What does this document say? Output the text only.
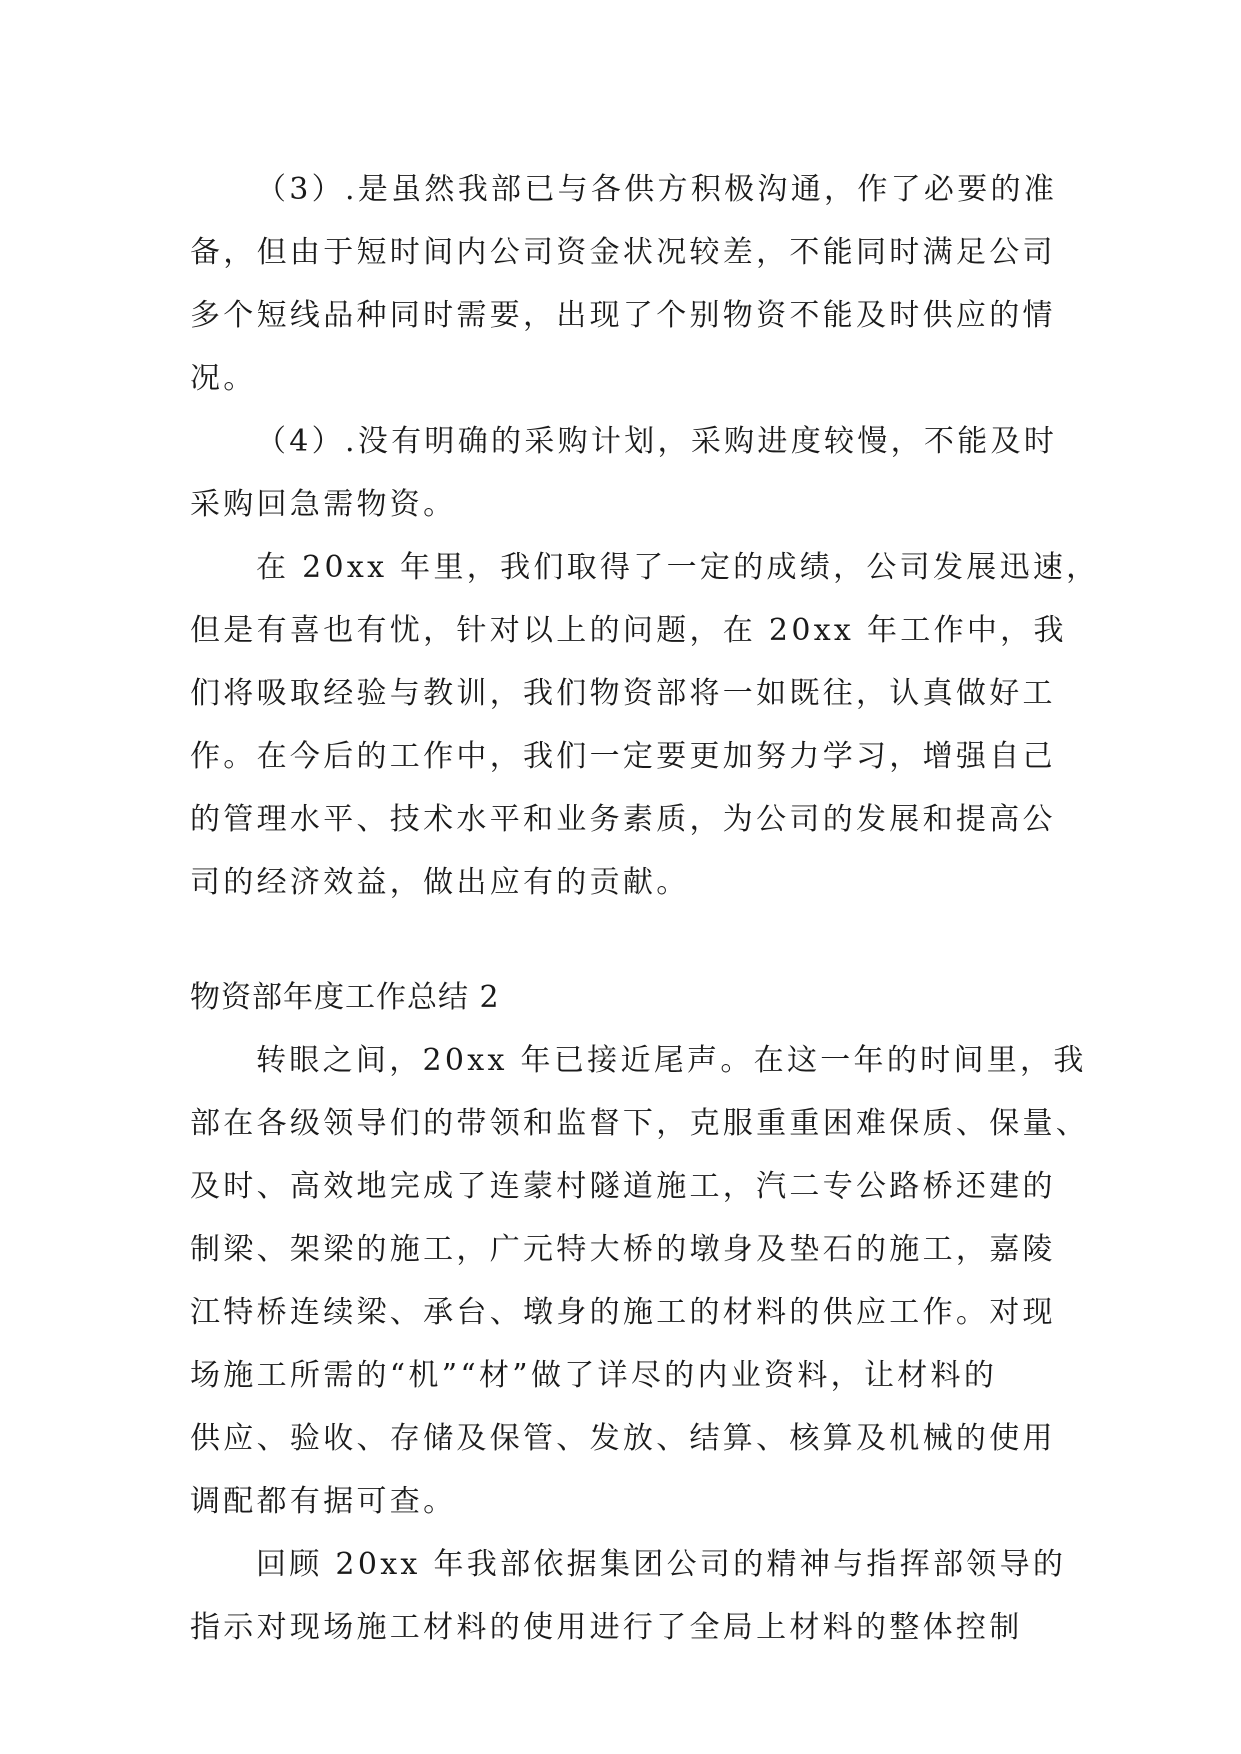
（3）.是虽然我部已与各供方积极沟通，作了必要的准
备，但由于短时间内公司资金状况较差，不能同时满足公司
多个短线品种同时需要，出现了个别物资不能及时供应的情
况。
（4）.没有明确的采购计划，采购进度较慢，不能及时
采购回急需物资。
在 20xx 年里，我们取得了一定的成绩，公司发展迅速，
但是有喜也有忧，针对以上的问题，在 20xx 年工作中，我
们将吸取经验与教训，我们物资部将一如既往，认真做好工
作。在今后的工作中，我们一定要更加努力学习，增强自己
的管理水平、技术水平和业务素质，为公司的发展和提高公
司的经济效益，做出应有的贡献。
物资部年度工作总结 2
转眼之间，20xx 年已接近尾声。在这一年的时间里，我
部在各级领导们的带领和监督下，克服重重困难保质、保量、
及时、高效地完成了连蒙村隧道施工，汽二专公路桥还建的
制梁、架梁的施工，广元特大桥的墩身及垫石的施工，嘉陵
江特桥连续梁、承台、墩身的施工的材料的供应工作。对现
场施工所需的“机”“材”做了详尽的内业资料，让材料的
供应、验收、存储及保管、发放、结算、核算及机械的使用
调配都有据可查。
回顾 20xx 年我部依据集团公司的精神与指挥部领导的
指示对现场施工材料的使用进行了全局上材料的整体控制
